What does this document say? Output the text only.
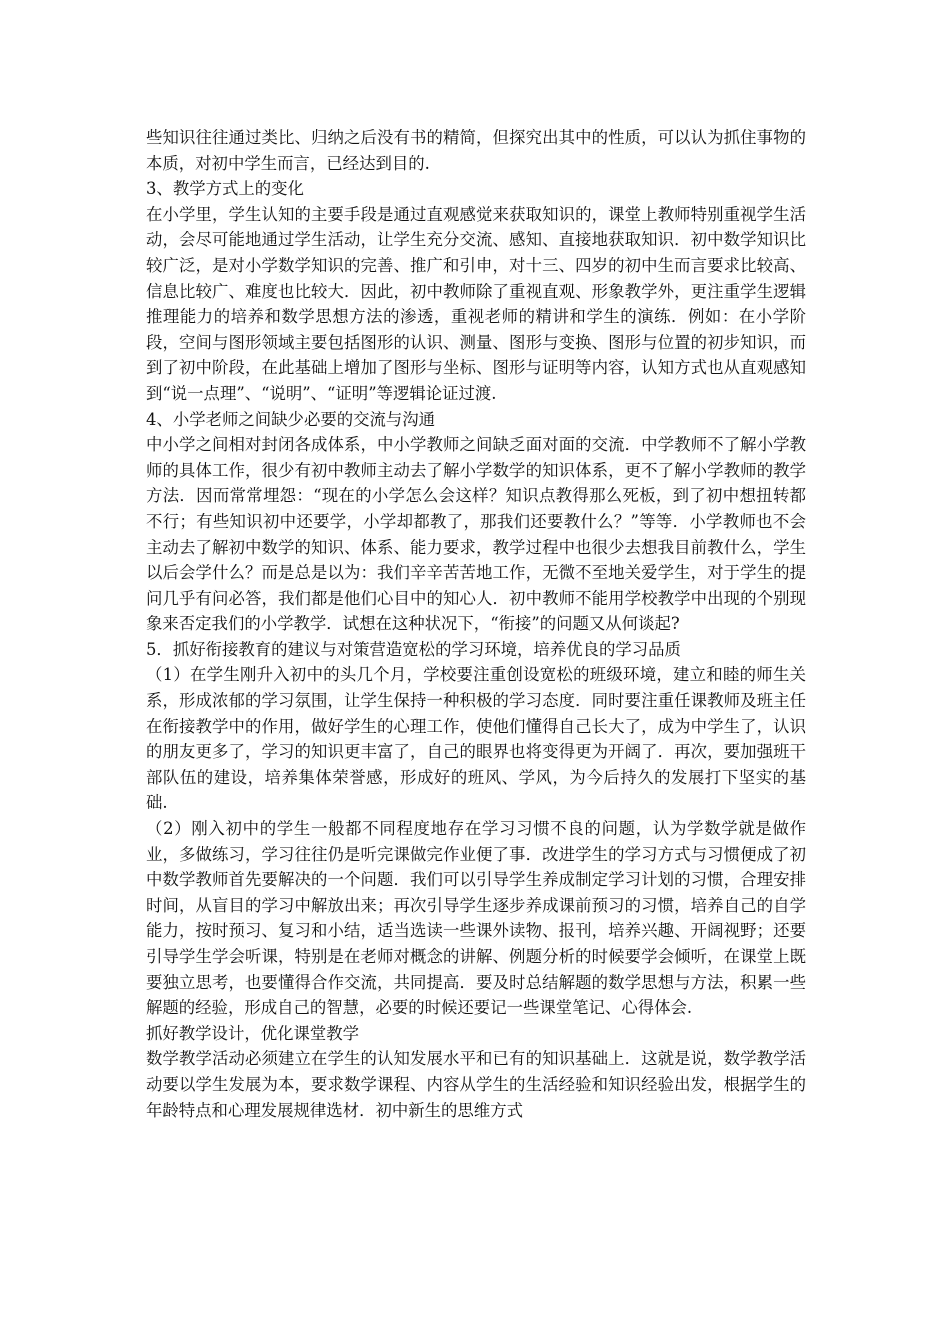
些知识往往通过类比、归纳之后没有书的精简，但探究出其中的性质，可以认为抓住事物的本质，对初中学生而言，已经达到目的.

3、教学方式上的变化

在小学里，学生认知的主要手段是通过直观感觉来获取知识的，课堂上教师特别重视学生活动，会尽可能地通过学生活动，让学生充分交流、感知、直接地获取知识．初中数学知识比较广泛，是对小学数学知识的完善、推广和引申，对十三、四岁的初中生而言要求比较高、信息比较广、难度也比较大．因此，初中教师除了重视直观、形象教学外，更注重学生逻辑推理能力的培养和数学思想方法的渗透，重视老师的精讲和学生的演练．例如：在小学阶段，空间与图形领域主要包括图形的认识、测量、图形与变换、图形与位置的初步知识，而到了初中阶段，在此基础上增加了图形与坐标、图形与证明等内容，认知方式也从直观感知到“说一点理”、“说明”、“证明”等逻辑论证过渡.

4、小学老师之间缺少必要的交流与沟通

中小学之间相对封闭各成体系，中小学教师之间缺乏面对面的交流．中学教师不了解小学教师的具体工作，很少有初中教师主动去了解小学数学的知识体系，更不了解小学教师的教学方法．因而常常埋怨：“现在的小学怎么会这样？知识点教得那么死板，到了初中想扭转都不行；有些知识初中还要学，小学却都教了，那我们还要教什么？”等等．小学教师也不会主动去了解初中数学的知识、体系、能力要求，教学过程中也很少去想我目前教什么，学生以后会学什么？而是总是以为：我们辛辛苦苦地工作，无微不至地关爱学生，对于学生的提问几乎有问必答，我们都是他们心目中的知心人．初中教师不能用学校教学中出现的个别现象来否定我们的小学教学．试想在这种状况下，“衔接”的问题又从何谈起?

5．抓好衔接教育的建议与对策营造宽松的学习环境，培养优良的学习品质

（1）在学生刚升入初中的头几个月，学校要注重创设宽松的班级环境，建立和睦的师生关系，形成浓郁的学习氛围，让学生保持一种积极的学习态度．同时要注重任课教师及班主任在衔接教学中的作用，做好学生的心理工作，使他们懂得自己长大了，成为中学生了，认识的朋友更多了，学习的知识更丰富了，自己的眼界也将变得更为开阔了．再次，要加强班干部队伍的建设，培养集体荣誉感，形成好的班风、学风，为今后持久的发展打下坚实的基础.

（2）刚入初中的学生一般都不同程度地存在学习习惯不良的问题，认为学数学就是做作业，多做练习，学习往往仍是听完课做完作业便了事．改进学生的学习方式与习惯便成了初中数学教师首先要解决的一个问题．我们可以引导学生养成制定学习计划的习惯，合理安排时间，从盲目的学习中解放出来；再次引导学生逐步养成课前预习的习惯，培养自己的自学能力，按时预习、复习和小结，适当选读一些课外读物、报刊，培养兴趣、开阔视野；还要引导学生学会听课，特别是在老师对概念的讲解、例题分析的时候要学会倾听，在课堂上既要独立思考，也要懂得合作交流，共同提高．要及时总结解题的数学思想与方法，积累一些解题的经验，形成自己的智慧，必要的时候还要记一些课堂笔记、心得体会.

抓好教学设计，优化课堂教学

数学教学活动必须建立在学生的认知发展水平和已有的知识基础上．这就是说，数学教学活动要以学生发展为本，要求数学课程、内容从学生的生活经验和知识经验出发，根据学生的年龄特点和心理发展规律选材．初中新生的思维方式
